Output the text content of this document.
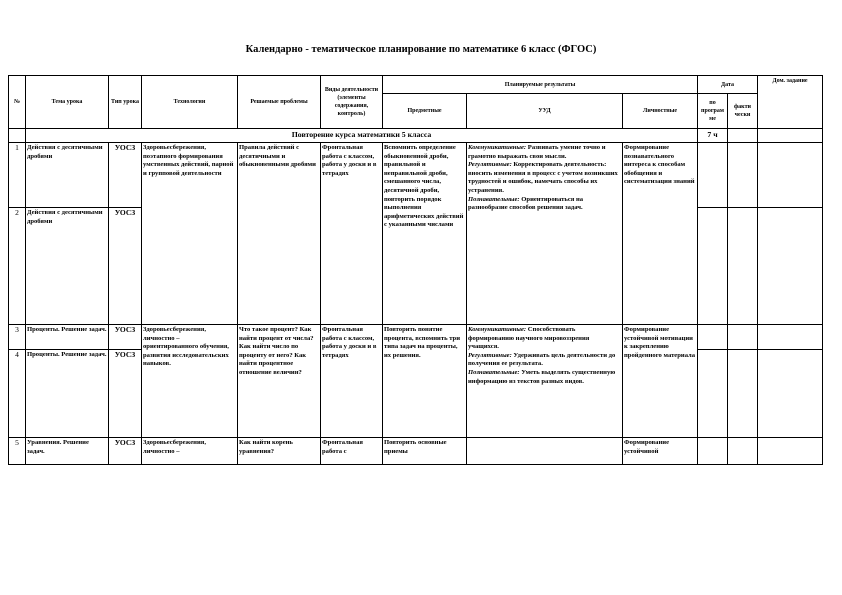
Календарно - тематическое планирование по математике 6 класс (ФГОС)
№	Тема урока	Тип урока	Технологии	Решаемые проблемы	Виды деятельности (элементы содержания, контроль)	Планируемые результаты			Дата		Дом. задание
						Предметные	УУД	Личностные	по програм ме	факти чески	
	Повторение курса математики 5 класса								7 ч		
1	Действия с десятичными дробями	УОСЗ	Здоровьесбережения, поэтапного формирования умственных действий, парной и групповой деятельности	Правила действий с десятичными и обыкновенными дробями	Фронтальная работа с классом, работа у доски и в тетрадях	Вспомнить определение обыкновенной дроби, правильной и неправильной дроби, смешанного числа, десятичной дроби, повторить порядок выполнения арифметических действий с указанными числами	Коммуникативные: Развивать умение точно и грамотно выражать свои мысли.
Регулятивные: Корректировать деятельность: вносить изменения в процесс с учетом возникших трудностей и ошибок, намечать способы их устранения.
Познавательные: Ориентироваться на разнообразие способов решения задач.	Формирование познавательного интереса к способам обобщения и систематизации знаний			
2	Действия с десятичными дробями	УОСЗ									
3	Проценты. Решение задач.	УОСЗ	Здоровьесбережения, личностно – ориентированного обучения, развития исследовательских навыков.	Что такое процент? Как найти процент от числа? Как найти число по проценту от него? Как найти процентное отношение величин?	Фронтальная работа с классом, работа у доски и в тетрадях	Повторить понятие процента, вспомнить три типа задач на проценты, их решения.	Коммуникативные: Способствовать формированию научного мировоззрения учащихся.
Регулятивные: Удерживать цель деятельности до получения ее результата.
Познавательные: Уметь выделять существенную информацию из текстов разных видов.	Формирование устойчивой мотивации к закреплению пройденного материала			
4	Проценты. Решение задач.	УОСЗ									
5	Уравнения. Решение задач.	УОСЗ	Здоровьесбережения, личностно –	Как найти корень уравнения?	Фронтальная работа с	Повторить основные приемы		Формирование устойчивой			
